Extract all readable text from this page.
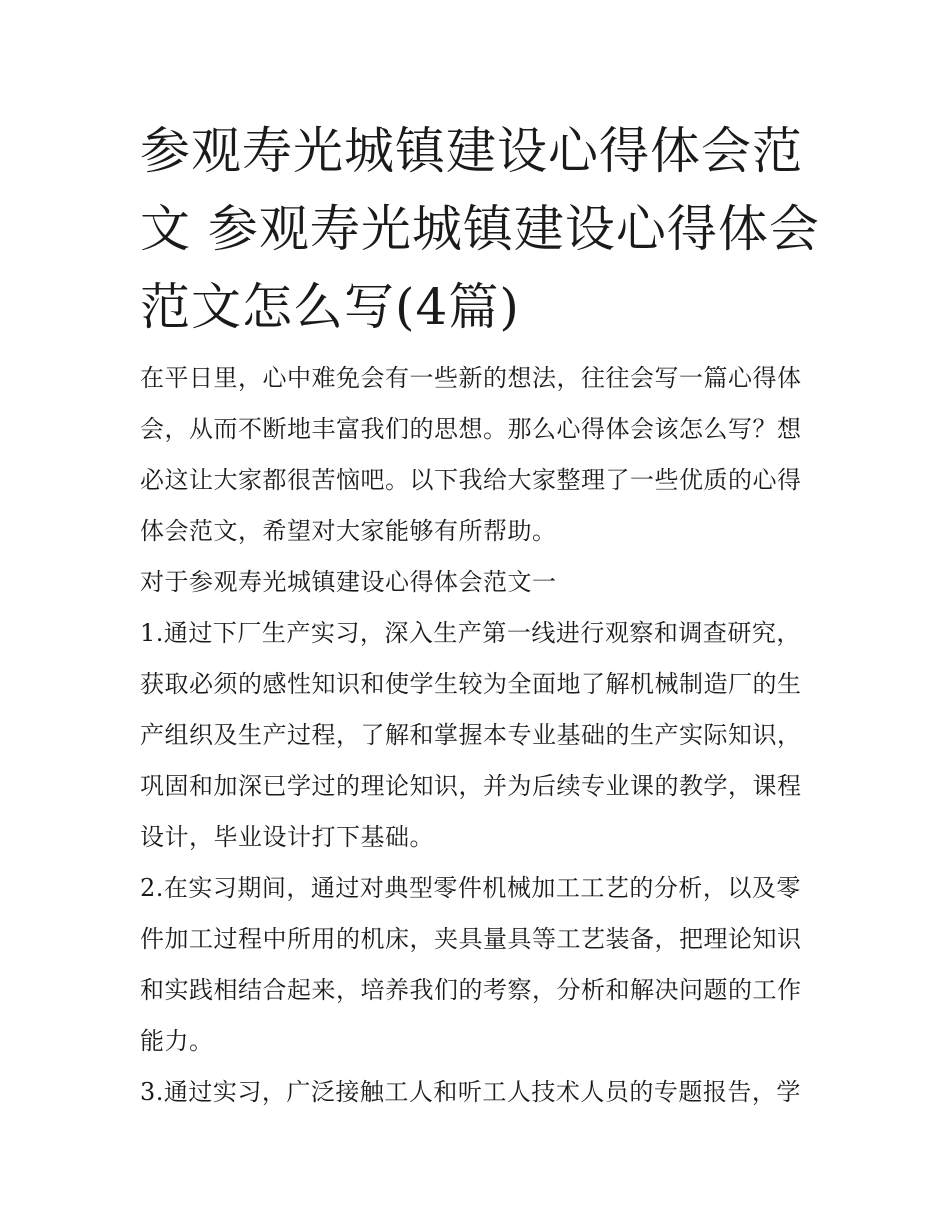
参观寿光城镇建设心得体会范文 参观寿光城镇建设心得体会范文怎么写(4篇)

在平日里，心中难免会有一些新的想法，往往会写一篇心得体会，从而不断地丰富我们的思想。那么心得体会该怎么写？想必这让大家都很苦恼吧。以下我给大家整理了一些优质的心得体会范文，希望对大家能够有所帮助。

对于参观寿光城镇建设心得体会范文一

1.通过下厂生产实习，深入生产第一线进行观察和调查研究，获取必须的感性知识和使学生较为全面地了解机械制造厂的生产组织及生产过程，了解和掌握本专业基础的生产实际知识，巩固和加深已学过的理论知识，并为后续专业课的教学，课程设计，毕业设计打下基础。

2.在实习期间，通过对典型零件机械加工工艺的分析，以及零件加工过程中所用的机床，夹具量具等工艺装备，把理论知识和实践相结合起来，培养我们的考察，分析和解决问题的工作能力。

3.通过实习，广泛接触工人和听工人技术人员的专题报告，学
